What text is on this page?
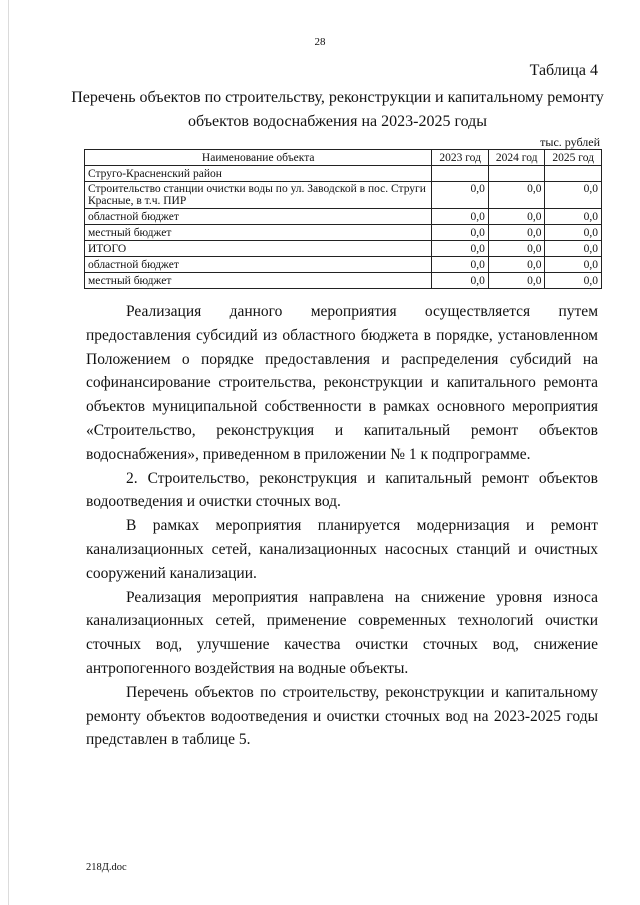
28
Таблица 4
Перечень объектов по строительству, реконструкции и капитальному ремонту объектов водоснабжения на 2023-2025 годы
тыс. рублей
Наименование объекта	2023 год	2024 год	2025 год
Струго-Красненский район			
Строительство станции очистки воды по ул. Заводской в пос. Струги Красные, в т.ч. ПИР	0,0	0,0	0,0
областной бюджет	0,0	0,0	0,0
местный бюджет	0,0	0,0	0,0
ИТОГО	0,0	0,0	0,0
областной бюджет	0,0	0,0	0,0
местный бюджет	0,0	0,0	0,0

Реализация данного мероприятия осуществляется путем предоставления субсидий из областного бюджета в порядке, установленном Положением о порядке предоставления и распределения субсидий на софинансирование строительства, реконструкции и капитального ремонта объектов муниципальной собственности в рамках основного мероприятия «Строительство, реконструкция и капитальный ремонт объектов водоснабжения», приведенном в приложении № 1 к подпрограмме.

2. Строительство, реконструкция и капитальный ремонт объектов водоотведения и очистки сточных вод.

В рамках мероприятия планируется модернизация и ремонт канализационных сетей, канализационных насосных станций и очистных сооружений канализации.

Реализация мероприятия направлена на снижение уровня износа канализационных сетей, применение современных технологий очистки сточных вод, улучшение качества очистки сточных вод, снижение антропогенного воздействия на водные объекты.

Перечень объектов по строительству, реконструкции и капитальному ремонту объектов водоотведения и очистки сточных вод на 2023-2025 годы представлен в таблице 5.

218Д.doc
